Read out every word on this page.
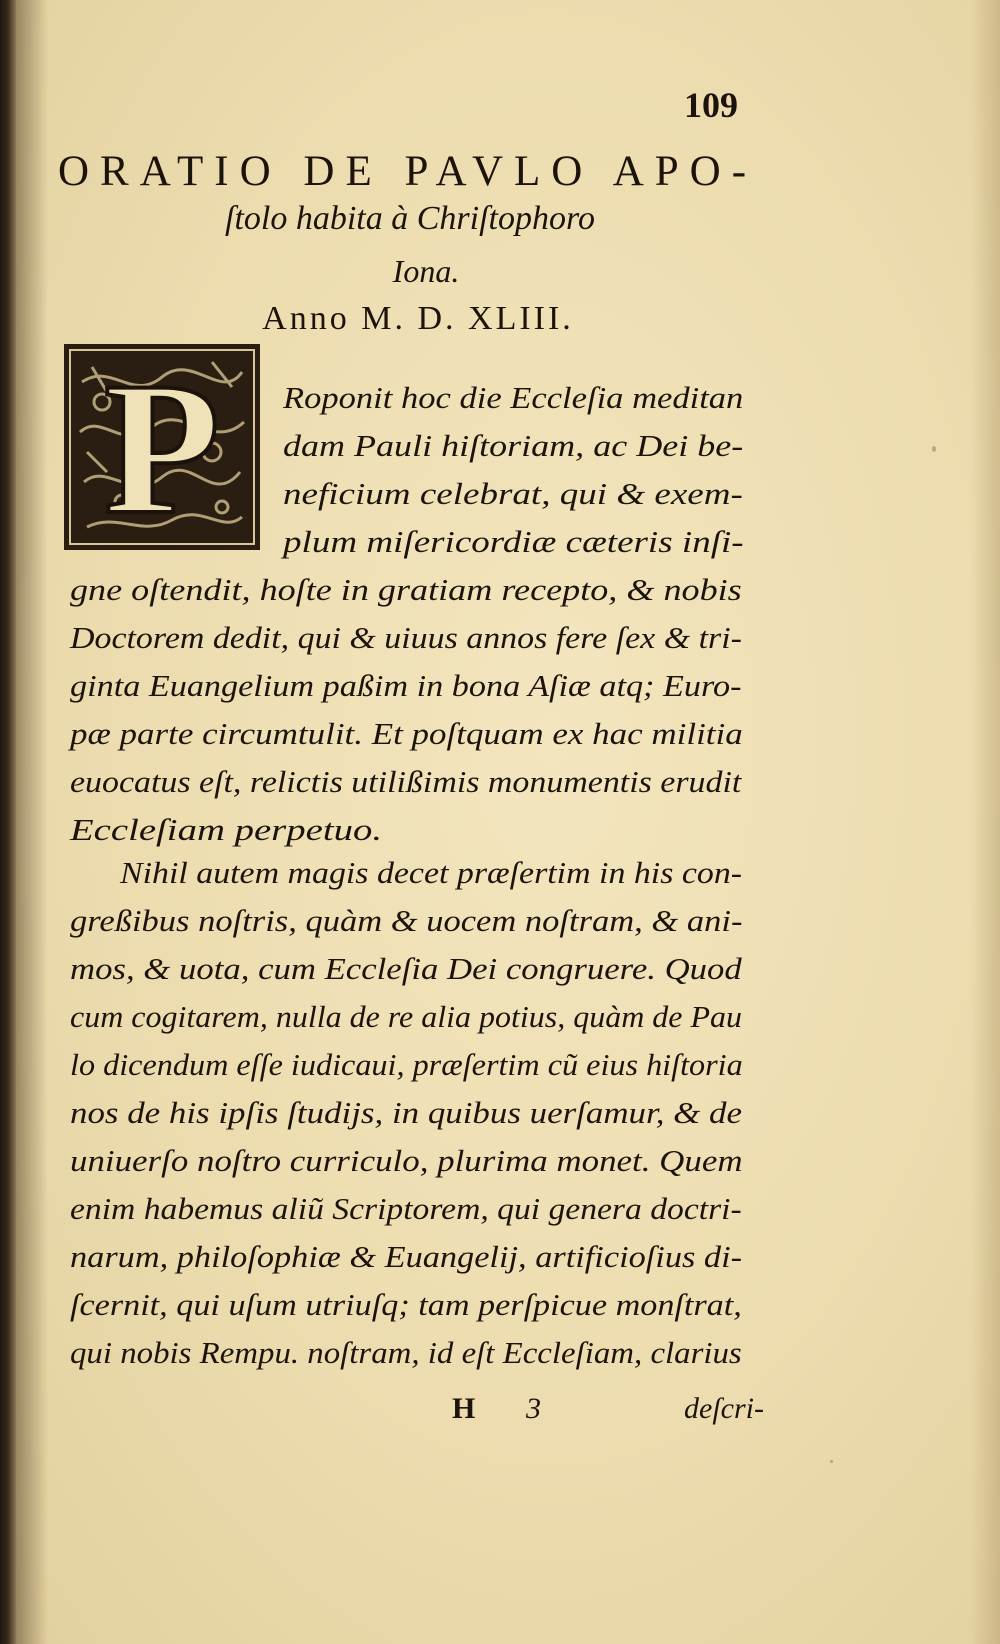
109
ORATIO DE PAVLO APO-
ſtolo habita à Chriſtophoro
Iona.
Anno M. D. XLIII.
P Roponit hoc die Eccleſia meditan
dam Pauli hiſtoriam, ac Dei be-
neficium celebrat, qui & exem-
plum miſericordiæ cæteris inſi-
gne oſtendit, hoſte in gratiam recepto, & nobis
Doctorem dedit, qui & uiuus annos fere ſex & tri-
ginta Euangelium paßim in bona Aſiæ atq; Euro-
pæ parte circumtulit. Et poſtquam ex hac militia
euocatus eſt, relictis utilißimis monumentis erudit
Eccleſiam perpetuo.
Nihil autem magis decet præſertim in his con-
greßibus noſtris, quàm & uocem noſtram, & ani-
mos, & uota, cum Eccleſia Dei congruere. Quod
cum cogitarem, nulla de re alia potius, quàm de Pau
lo dicendum eſſe iudicaui, præſertim cũ eius hiſtoria
nos de his ipſis ſtudijs, in quibus uerſamur, & de
uniuerſo noſtro curriculo, plurima monet. Quem
enim habemus aliũ Scriptorem, qui genera doctri-
narum, philoſophiæ & Euangelij, artificioſius di-
ſcernit, qui uſum utriuſq; tam perſpicue monſtrat,
qui nobis Rempu. noſtram, id eſt Eccleſiam, clarius
H 3	deſcri-
